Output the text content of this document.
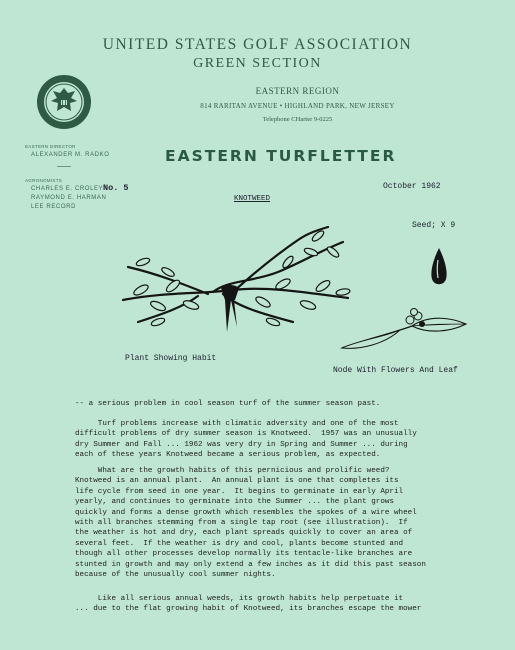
UNITED STATES GOLF ASSOCIATION
GREEN SECTION
EASTERN REGION
814 RARITAN AVENUE • HIGHLAND PARK, NEW JERSEY
Telephone CHarter 9-0225
EASTERN DIRECTOR
ALEXANDER M. RADKO
AGRONOMISTS
CHARLES E. CROLEY
RAYMOND E. HARMAN
LEE RECORD
EASTERN TURFLETTER
No. 5	October 1962
KNOTWEED
Seed; X 9
Plant Showing Habit
Node With Flowers And Leaf
-- a serious problem in cool season turf of the summer season past.
Turf problems increase with climatic adversity and one of the most
difficult problems of dry summer season is Knotweed.  1957 was an unusually
dry Summer and Fall ... 1962 was very dry in Spring and Summer ... during
each of these years Knotweed became a serious problem, as expected.
What are the growth habits of this pernicious and prolific weed?
Knotweed is an annual plant.  An annual plant is one that completes its
life cycle from seed in one year.  It begins to germinate in early April
yearly, and continues to germinate into the Summer ... the plant grows
quickly and forms a dense growth which resembles the spokes of a wire wheel
with all branches stemming from a single tap root (see illustration).  If
the weather is hot and dry, each plant spreads quickly to cover an area of
several feet.  If the weather is dry and cool, plants become stunted and
though all other processes develop normally its tentacle-like branches are
stunted in growth and may only extend a few inches as it did this past season
because of the unusually cool summer nights.
Like all serious annual weeds, its growth habits help perpetuate it
... due to the flat growing habit of Knotweed, its branches escape the mower
